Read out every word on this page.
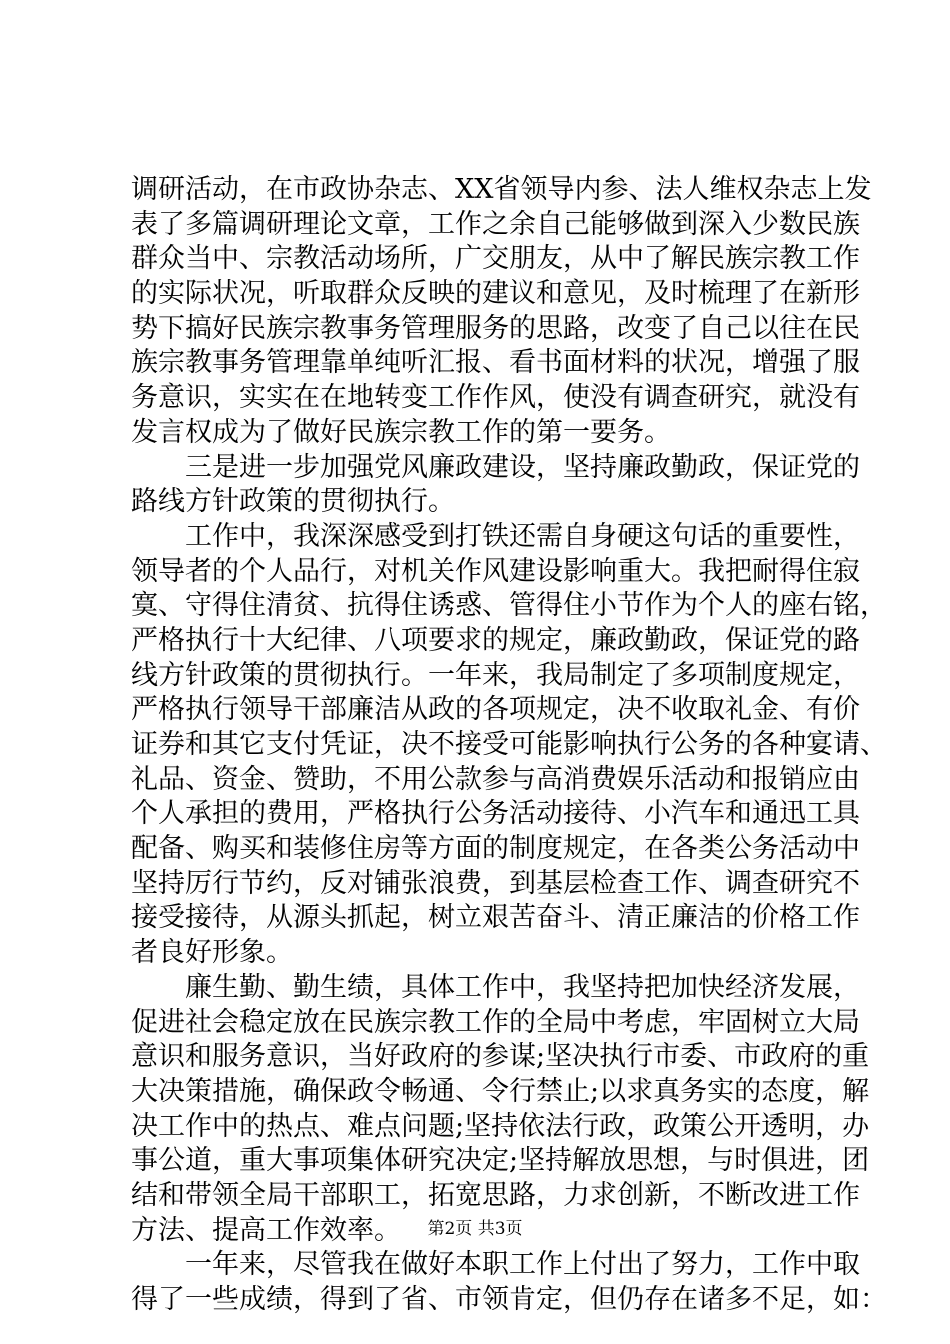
调研活动，在市政协杂志、XX省领导内参、法人维权杂志上发
表了多篇调研理论文章，工作之余自己能够做到深入少数民族
群众当中、宗教活动场所，广交朋友，从中了解民族宗教工作
的实际状况，听取群众反映的建议和意见，及时梳理了在新形
势下搞好民族宗教事务管理服务的思路，改变了自己以往在民
族宗教事务管理靠单纯听汇报、看书面材料的状况，增强了服
务意识，实实在在地转变工作作风，使没有调查研究，就没有
发言权成为了做好民族宗教工作的第一要务。
三是进一步加强党风廉政建设，坚持廉政勤政，保证党的
路线方针政策的贯彻执行。
工作中，我深深感受到打铁还需自身硬这句话的重要性，
领导者的个人品行，对机关作风建设影响重大。我把耐得住寂
寞、守得住清贫、抗得住诱惑、管得住小节作为个人的座右铭，
严格执行十大纪律、八项要求的规定，廉政勤政，保证党的路
线方针政策的贯彻执行。一年来，我局制定了多项制度规定，
严格执行领导干部廉洁从政的各项规定，决不收取礼金、有价
证券和其它支付凭证，决不接受可能影响执行公务的各种宴请、
礼品、资金、赞助，不用公款参与高消费娱乐活动和报销应由
个人承担的费用，严格执行公务活动接待、小汽车和通迅工具
配备、购买和装修住房等方面的制度规定，在各类公务活动中
坚持厉行节约，反对铺张浪费，到基层检查工作、调查研究不
接受接待，从源头抓起，树立艰苦奋斗、清正廉洁的价格工作
者良好形象。
廉生勤、勤生绩，具体工作中，我坚持把加快经济发展，
促进社会稳定放在民族宗教工作的全局中考虑，牢固树立大局
意识和服务意识，当好政府的参谋;坚决执行市委、市政府的重
大决策措施，确保政令畅通、令行禁止;以求真务实的态度，解
决工作中的热点、难点问题;坚持依法行政，政策公开透明，办
事公道，重大事项集体研究决定;坚持解放思想，与时俱进，团
结和带领全局干部职工，拓宽思路，力求创新，不断改进工作
方法、提高工作效率。
一年来，尽管我在做好本职工作上付出了努力，工作中取
得了一些成绩，得到了省、市领肯定，但仍存在诸多不足，如：
第2页 共3页
